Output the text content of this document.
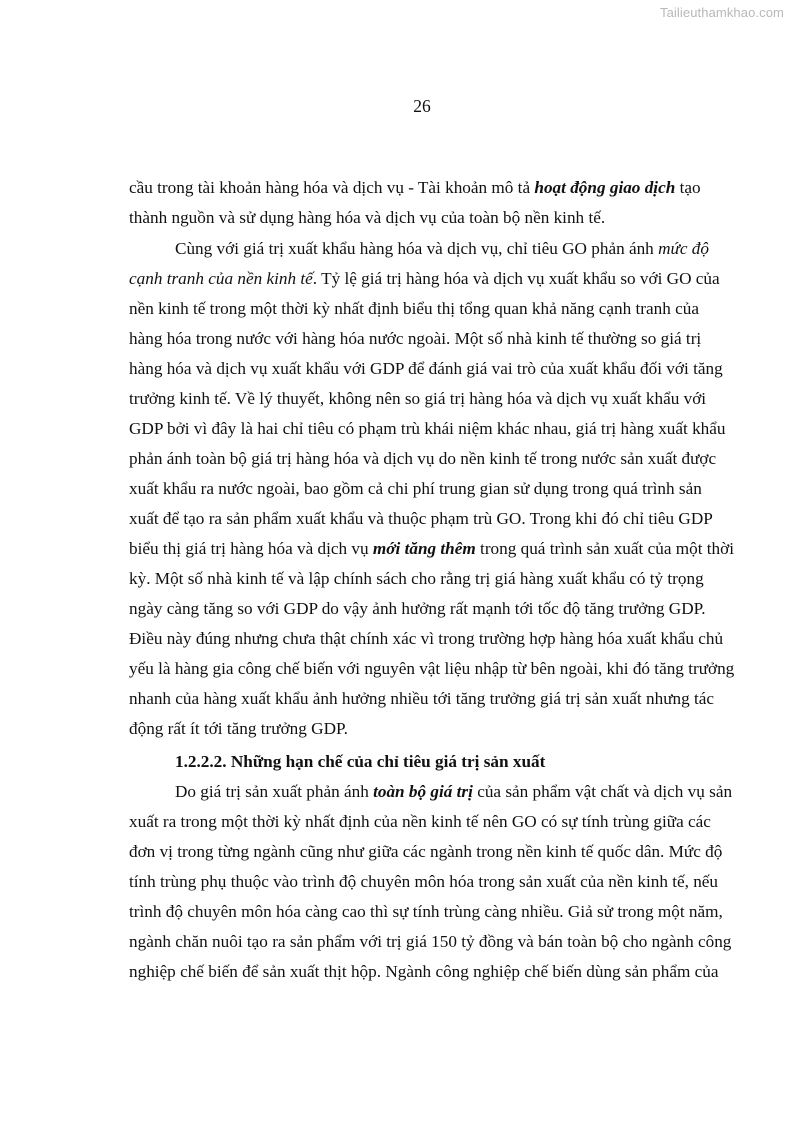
Tailieuthamkhao.com
26
cầu trong tài khoản hàng hóa và dịch vụ - Tài khoản mô tả hoạt động giao dịch tạo
thành nguồn và sử dụng hàng hóa và dịch vụ của toàn bộ nền kinh tế.
Cùng với giá trị xuất khẩu hàng hóa và dịch vụ, chỉ tiêu GO phản ánh mức độ
cạnh tranh của nền kinh tế. Tỷ lệ giá trị hàng hóa và dịch vụ xuất khẩu so với GO của
nền kinh tế trong một thời kỳ nhất định biểu thị tổng quan khả năng cạnh tranh của
hàng hóa trong nước với hàng hóa nước ngoài. Một số nhà kinh tế thường so giá trị
hàng hóa và dịch vụ xuất khẩu với GDP để đánh giá vai trò của xuất khẩu đối với tăng
trưởng kinh tế. Về lý thuyết, không nên so giá trị hàng hóa và dịch vụ xuất khẩu với
GDP bởi vì đây là hai chỉ tiêu có phạm trù khái niệm khác nhau, giá trị hàng xuất khẩu
phản ánh toàn bộ giá trị hàng hóa và dịch vụ do nền kinh tế trong nước sản xuất được
xuất khẩu ra nước ngoài, bao gồm cả chi phí trung gian sử dụng trong quá trình sản
xuất để tạo ra sản phẩm xuất khẩu và thuộc phạm trù GO. Trong khi đó chỉ tiêu GDP
biểu thị giá trị hàng hóa và dịch vụ mới tăng thêm trong quá trình sản xuất của một thời
kỳ. Một số nhà kinh tế và lập chính sách cho rằng trị giá hàng xuất khẩu có tỷ trọng
ngày càng tăng so với GDP do vậy ảnh hưởng rất mạnh tới tốc độ tăng trưởng GDP.
Điều này đúng nhưng chưa thật chính xác vì trong trường hợp hàng hóa xuất khẩu chủ
yếu là hàng gia công chế biến với nguyên vật liệu nhập từ bên ngoài, khi đó tăng trưởng
nhanh của hàng xuất khẩu ảnh hưởng nhiều tới tăng trưởng giá trị sản xuất nhưng tác
động rất ít tới tăng trưởng GDP.
1.2.2.2. Những hạn chế của chỉ tiêu giá trị sản xuất
Do giá trị sản xuất phản ánh toàn bộ giá trị của sản phẩm vật chất và dịch vụ sản
xuất ra trong một thời kỳ nhất định của nền kinh tế nên GO có sự tính trùng giữa các
đơn vị trong từng ngành cũng như giữa các ngành trong nền kinh tế quốc dân. Mức độ
tính trùng phụ thuộc vào trình độ chuyên môn hóa trong sản xuất của nền kinh tế, nếu
trình độ chuyên môn hóa càng cao thì sự tính trùng càng nhiều. Giả sử trong một năm,
ngành chăn nuôi tạo ra sản phẩm với trị giá 150 tỷ đồng và bán toàn bộ cho ngành công
nghiệp chế biến để sản xuất thịt hộp. Ngành công nghiệp chế biến dùng sản phẩm của
